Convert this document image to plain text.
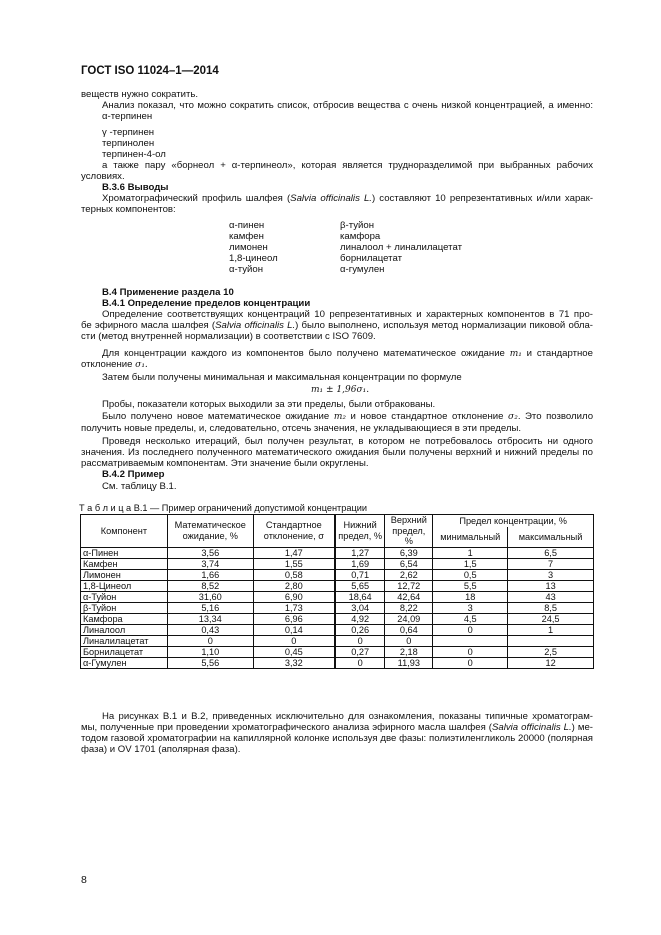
ГОСТ ISO 11024–1—2014
веществ нужно сократить.
Анализ показал, что можно сократить список, отбросив вещества с очень низкой концентрацией, а именно:
α-терпинен
γ -терпинен
терпинолен
терпинен-4-ол
а также пару «борнеол + α-терпинеол», которая является трудноразделимой при выбранных рабочих
условиях.
В.3.6 Выводы
Хроматографический профиль шалфея (Salvia officinalis L.) составляют 10 репрезентативных и/или харак-
терных компонентов:
α-пинен
камфен
лимонен
1,8-цинеол
α-туйон
β-туйон
камфора
линалоол + линалилацетат
борнилацетат
α-гумулен
В.4 Применение раздела 10
В.4.1 Определение пределов концентрации
Определение соответствуящих концентраций 10 репрезентативных и характерных компонентов в 71 про-
бе эфирного масла шалфея (Salvia officinalis L.) было выполнено, используя метод нормализации пиковой обла-
сти (метод внутренней нормализации) в соответствии с ISO 7609.
Для концентрации каждого из компонентов было получено математическое ожидание m₁ и стандартное
отклонение σ₁.
Затем были получены минимальная и максимальная концентрации по формуле
m₁ ± 1,96σ₁.
Пробы, показатели которых выходили за эти пределы, были отбракованы.
Было получено новое математическое ожидание m₂ и новое стандартное отклонение σ₂. Это позволило
получить новые пределы, и, следовательно, отсечь значения, не укладывающиеся в эти пределы.
Проведя несколько итераций, был получен результат, в котором не потребовалось отбросить ни одного
значения. Из последнего полученного математического ожидания были получены верхний и нижний пределы по
рассматриваемым компонентам. Эти значение были округлены.
В.4.2 Пример
См. таблицу В.1.
Т а б л и ц а В.1 — Пример ограничений допустимой концентрации
Компонент	Математическое ожидание, %	Стандартное отклонение, σ	Нижний предел, %	Верхний предел, %	Предел концентрации, %	
					минимальный	максимальный
α-Пинен	3,56	1,47	1,27	6,39	1	6,5
Камфен	3,74	1,55	1,69	6,54	1,5	7
Лимонен	1,66	0,58	0,71	2,62	0,5	3
1,8-Цинеол	8,52	2,80	5,65	12,72	5,5	13
α-Туйон	31,60	6,90	18,64	42,64	18	43
β-Туйон	5,16	1,73	3,04	8,22	3	8,5
Камфора	13,34	6,96	4,92	24,09	4,5	24,5
Линалоол	0,43	0,14	0,26	0,64	0	1
Линалилацетат	0	0	0	0		
Борнилацетат	1,10	0,45	0,27	2,18	0	2,5
α-Гумулен	5,56	3,32	0	11,93	0	12
На рисунках В.1 и В.2, приведенных исключительно для ознакомления, показаны типичные хроматограм-
мы, полученные при проведении хроматографического анализа эфирного масла шалфея (Salvia officinalis L.) ме-
тодом газовой хроматографии на капиллярной колонке используя две фазы: полиэтиленгликоль 20000 (полярная
фаза) и OV 1701 (аполярная фаза).
8
